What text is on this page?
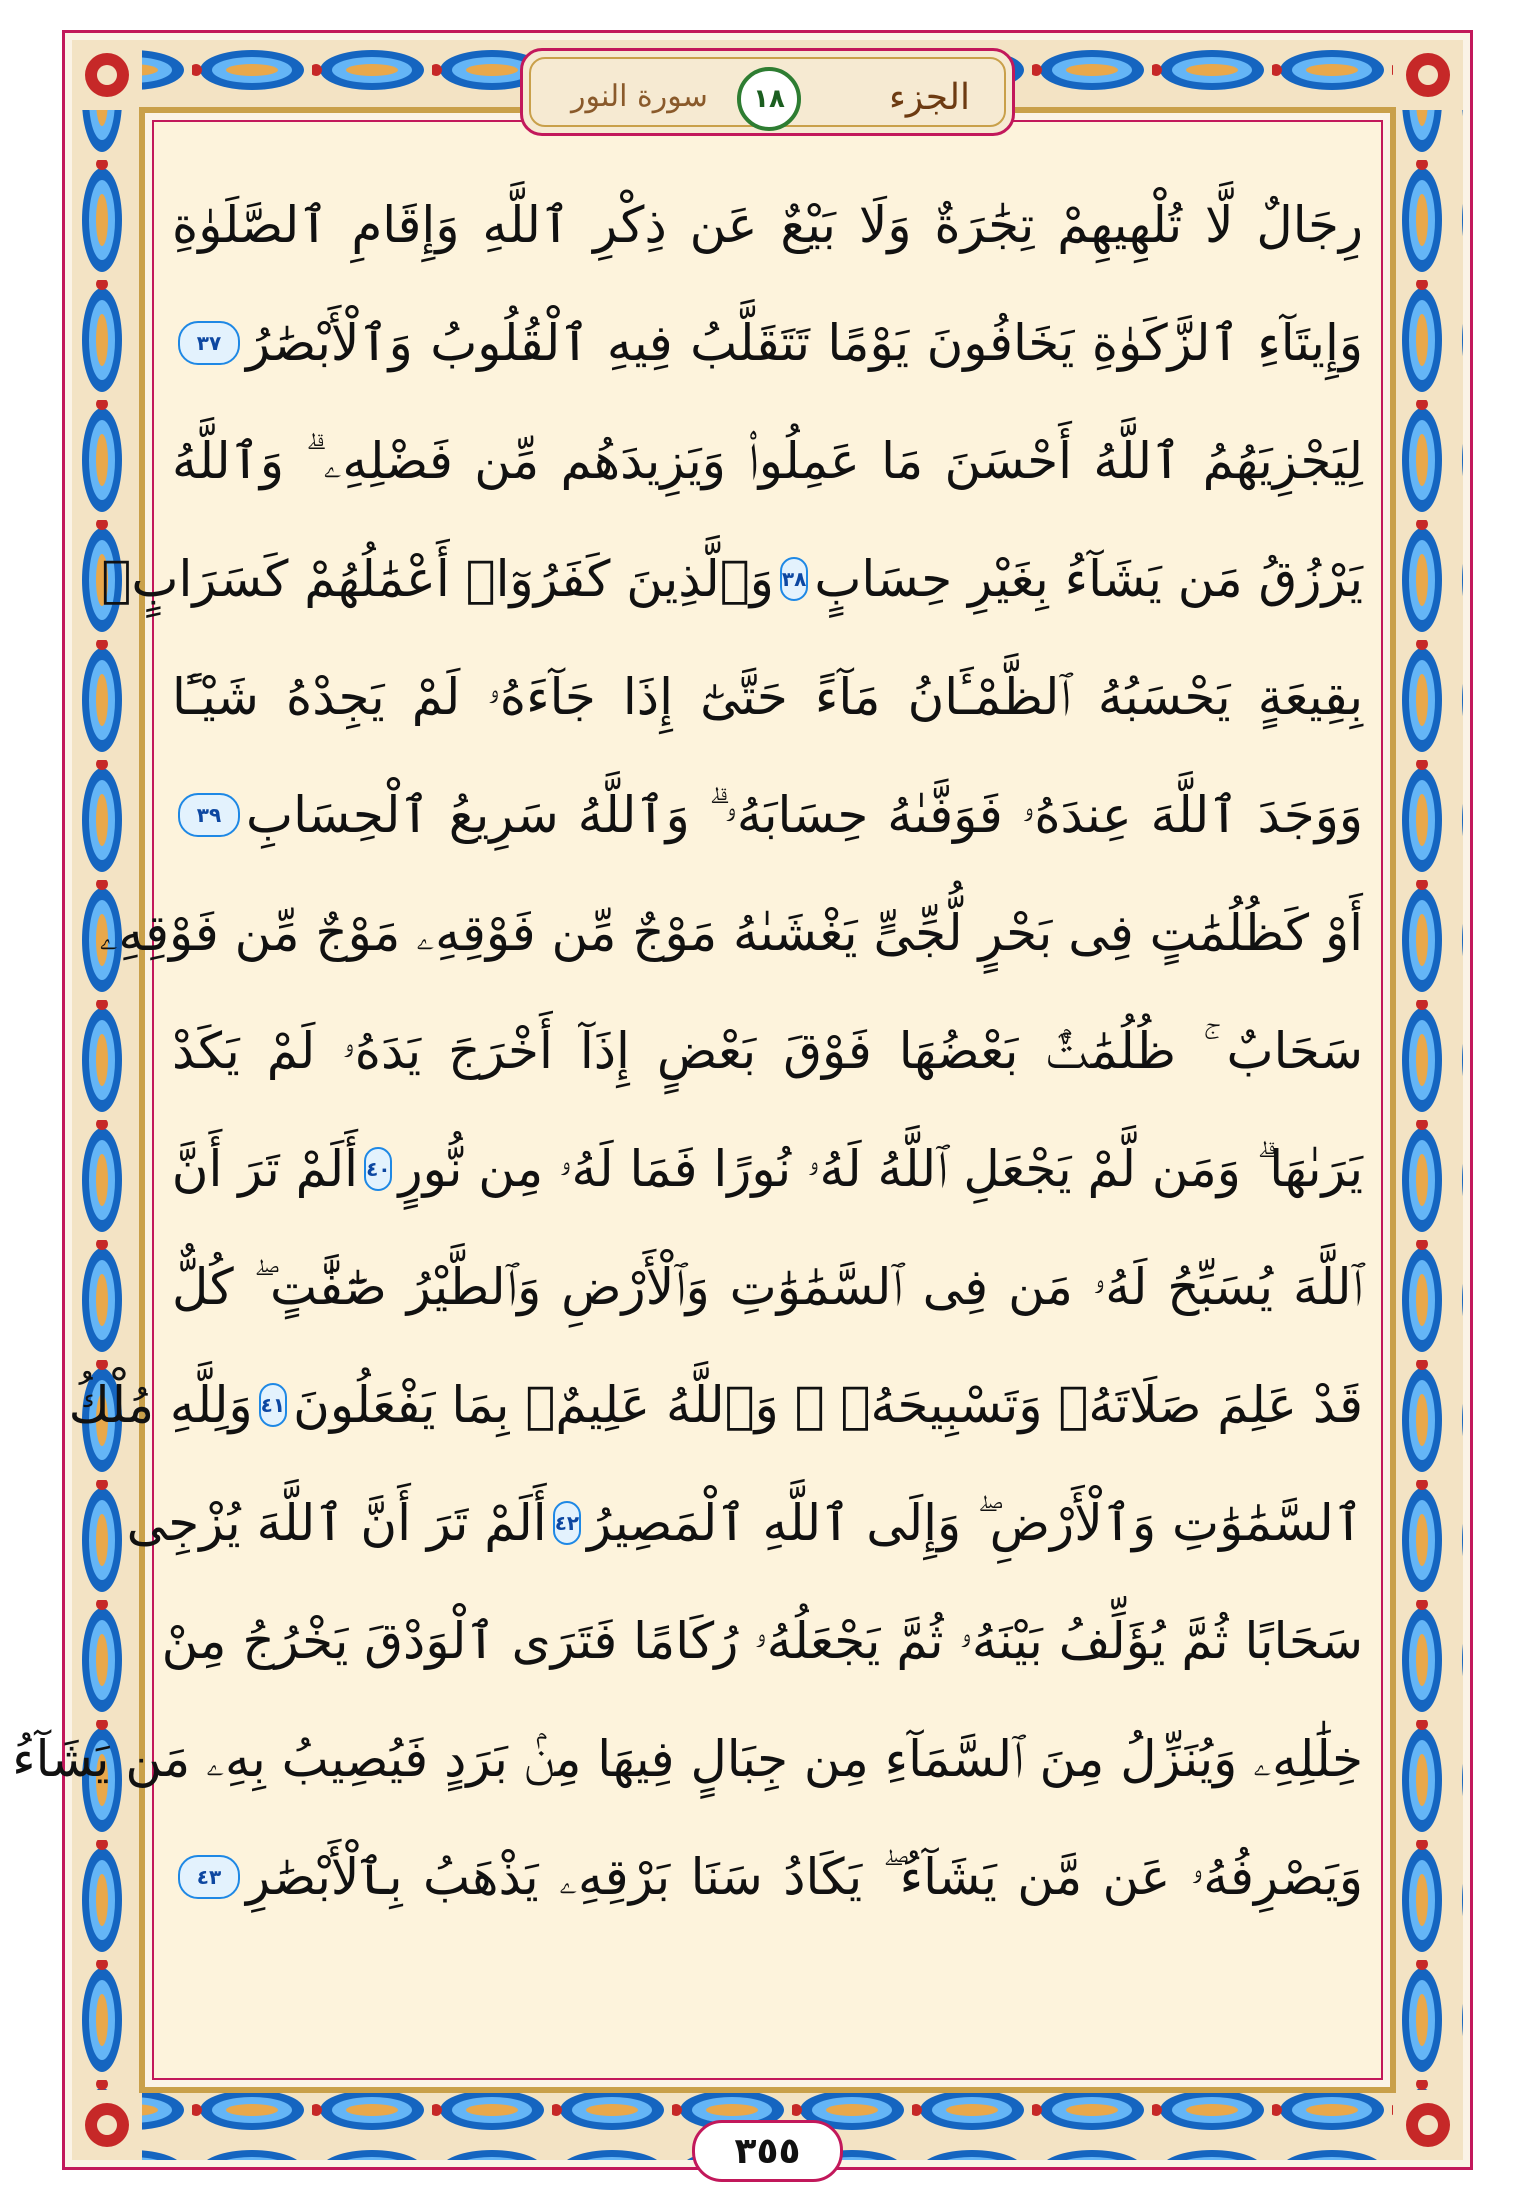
الجزء
١٨
سورة النور
رِجَالٌ لَّا تُلْهِيهِمْ تِجَٰرَةٌ وَلَا بَيْعٌ عَن ذِكْرِ ٱللَّهِ وَإِقَامِ ٱلصَّلَوٰةِ
وَإِيتَآءِ ٱلزَّكَوٰةِ يَخَافُونَ يَوْمًا تَتَقَلَّبُ فِيهِ ٱلْقُلُوبُ وَٱلْأَبْصَٰرُ
٣٧
لِيَجْزِيَهُمُ ٱللَّهُ أَحْسَنَ مَا عَمِلُوا۟ وَيَزِيدَهُم مِّن فَضْلِهِۦ ۗ وَٱللَّهُ
يَرْزُقُ مَن يَشَآءُ بِغَيْرِ حِسَابٍ
٣٨
وَٱلَّذِينَ كَفَرُوٓا۟ أَعْمَٰلُهُمْ كَسَرَابٍۭ
بِقِيعَةٍ يَحْسَبُهُ ٱلظَّمْـَٔانُ مَآءً حَتَّىٰٓ إِذَا جَآءَهُۥ لَمْ يَجِدْهُ شَيْـًٔا
وَوَجَدَ ٱللَّهَ عِندَهُۥ فَوَفَّىٰهُ حِسَابَهُۥ ۗ وَٱللَّهُ سَرِيعُ ٱلْحِسَابِ
٣٩
أَوْ كَظُلُمَٰتٍ فِى بَحْرٍ لُّجِّىٍّ يَغْشَىٰهُ مَوْجٌ مِّن فَوْقِهِۦ مَوْجٌ مِّن فَوْقِهِۦ
سَحَابٌ ۚ ظُلُمَٰتٌۢ بَعْضُهَا فَوْقَ بَعْضٍ إِذَآ أَخْرَجَ يَدَهُۥ لَمْ يَكَدْ
يَرَىٰهَا ۗ وَمَن لَّمْ يَجْعَلِ ٱللَّهُ لَهُۥ نُورًا فَمَا لَهُۥ مِن نُّورٍ
٤٠
أَلَمْ تَرَ أَنَّ
ٱللَّهَ يُسَبِّحُ لَهُۥ مَن فِى ٱلسَّمَٰوَٰتِ وَٱلْأَرْضِ وَٱلطَّيْرُ صَٰٓفَّٰتٍ ۖ كُلٌّ
قَدْ عَلِمَ صَلَاتَهُۥ وَتَسْبِيحَهُۥ ۗ وَٱللَّهُ عَلِيمٌۢ بِمَا يَفْعَلُونَ
٤١
وَلِلَّهِ مُلْكُ
ٱلسَّمَٰوَٰتِ وَٱلْأَرْضِ ۖ وَإِلَى ٱللَّهِ ٱلْمَصِيرُ
٤٢
أَلَمْ تَرَ أَنَّ ٱللَّهَ يُزْجِى
سَحَابًا ثُمَّ يُؤَلِّفُ بَيْنَهُۥ ثُمَّ يَجْعَلُهُۥ رُكَامًا فَتَرَى ٱلْوَدْقَ يَخْرُجُ مِنْ
خِلَٰلِهِۦ وَيُنَزِّلُ مِنَ ٱلسَّمَآءِ مِن جِبَالٍ فِيهَا مِنۢ بَرَدٍ فَيُصِيبُ بِهِۦ مَن يَشَآءُ
وَيَصْرِفُهُۥ عَن مَّن يَشَآءُ ۖ يَكَادُ سَنَا بَرْقِهِۦ يَذْهَبُ بِٱلْأَبْصَٰرِ
٤٣
٣٥٥
